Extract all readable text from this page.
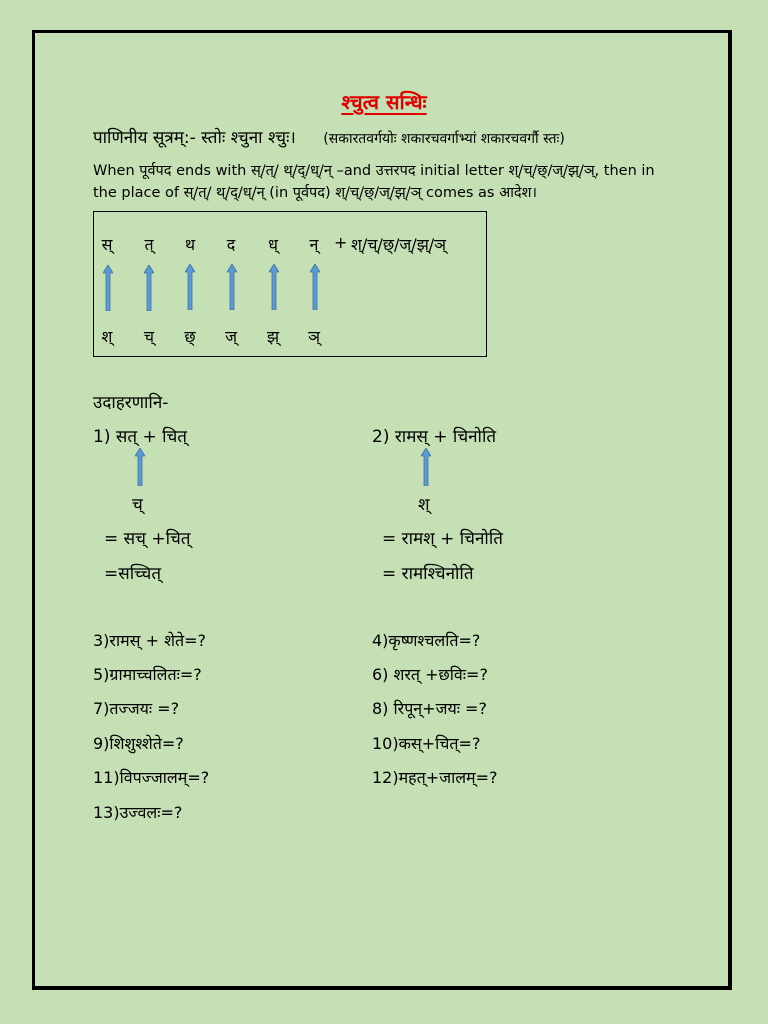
श्चुत्व सन्धिः
पाणिनीय सूत्रम्:- स्तोः श्चुना श्चुः। (सकारतवर्गयोः शकारचवर्गाभ्यां शकारचवर्गौ स्तः)
When पूर्वपद ends with स्/त्/ थ्/द्/ध्/न् –and उत्तरपद initial letter श्/च्/छ्/ज्/झ्/ञ्, then in
the place of स्/त्/ थ्/द्/ध्/न् (in पूर्वपद) श्/च्/छ्/ज्/झ्/ञ् comes as आदेश।
स्	त्	थ	द	ध्	न् + श्/च्/छ्/ज्/झ्/ञ्
श्	च्	छ् ज् झ् ञ्
उदाहरणानि-
1) सत् + चित्
च्
= सच् +चित्
=सच्चित्
2) रामस् + चिनोति
श्
= रामश् + चिनोति
= रामश्चिनोति
3)रामस् + शेते=?	4)कृष्णश्चलति=?
5)ग्रामाच्चलितः=?	6) शरत् +छविः=?
7)तज्जयः =?	8) रिपून्+जयः =?
9)शिशुश्शेते=?	10)कस्+चित्=?
11)विपज्जालम्=?	12)महत्+जालम्=?
13)उज्वलः=?
